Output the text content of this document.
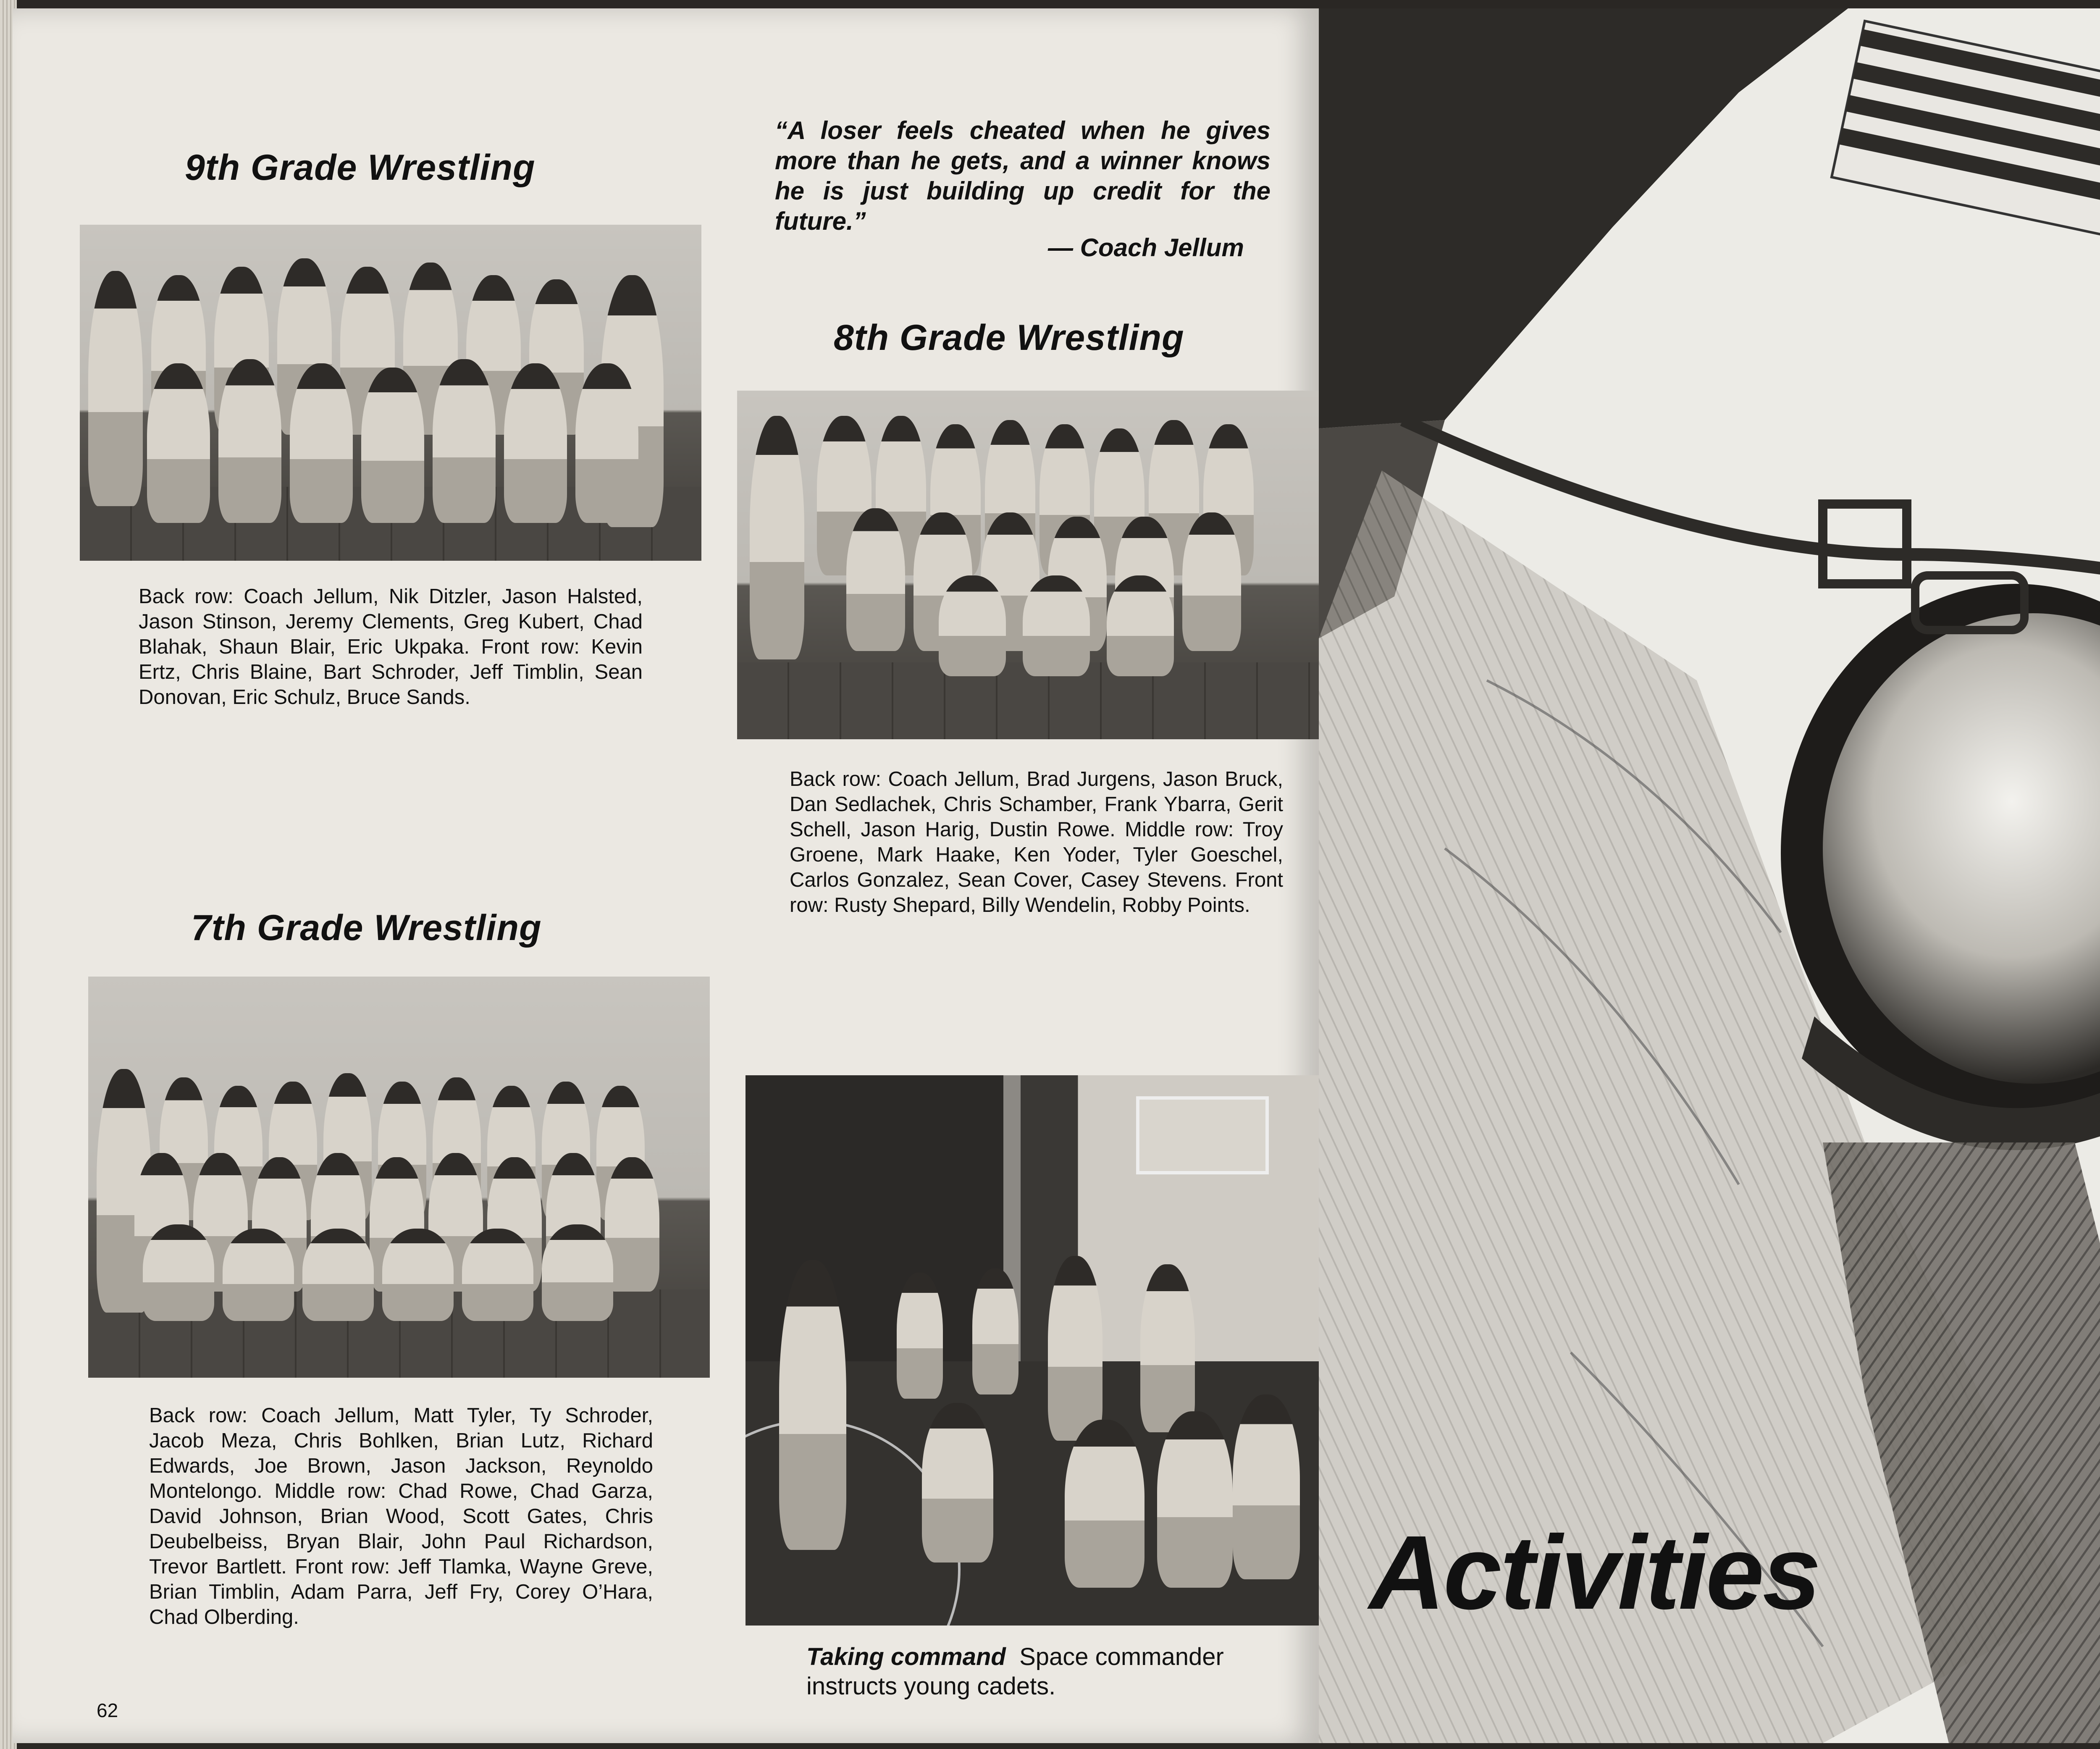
9th Grade Wrestling
Back row: Coach Jellum, Nik Ditzler, Jason Halsted, Jason Stinson, Jeremy Clements, Greg Kubert, Chad Blahak, Shaun Blair, Eric Ukpaka. Front row: Kevin Ertz, Chris Blaine, Bart Schroder, Jeff Timblin, Sean Donovan, Eric Schulz, Bruce Sands.
“A loser feels cheated when he gives more than he gets, and a winner knows he is just building up credit for the future.”
— Coach Jellum
8th Grade Wrestling
Back row: Coach Jellum, Brad Jurgens, Jason Bruck, Dan Sedlachek, Chris Schamber, Frank Ybarra, Gerit Schell, Jason Harig, Dustin Rowe. Middle row: Troy Groene, Mark Haake, Ken Yoder, Tyler Goeschel, Carlos Gonzalez, Sean Cover, Casey Stevens. Front row: Rusty Shepard, Billy Wendelin, Robby Points.
7th Grade Wrestling
Back row: Coach Jellum, Matt Tyler, Ty Schroder, Jacob Meza, Chris Bohlken, Brian Lutz, Richard Edwards, Joe Brown, Jason Jackson, Reynoldo Montelongo. Middle row: Chad Rowe, Chad Garza, David Johnson, Brian Wood, Scott Gates, Chris Deubelbeiss, Bryan Blair, John Paul Richardson, Trevor Bartlett. Front row: Jeff Tlamka, Wayne Greve, Brian Timblin, Adam Parra, Jeff Fry, Corey O’Hara, Chad Olberding.
Taking command Space commander instructs young cadets.
62
Activities
